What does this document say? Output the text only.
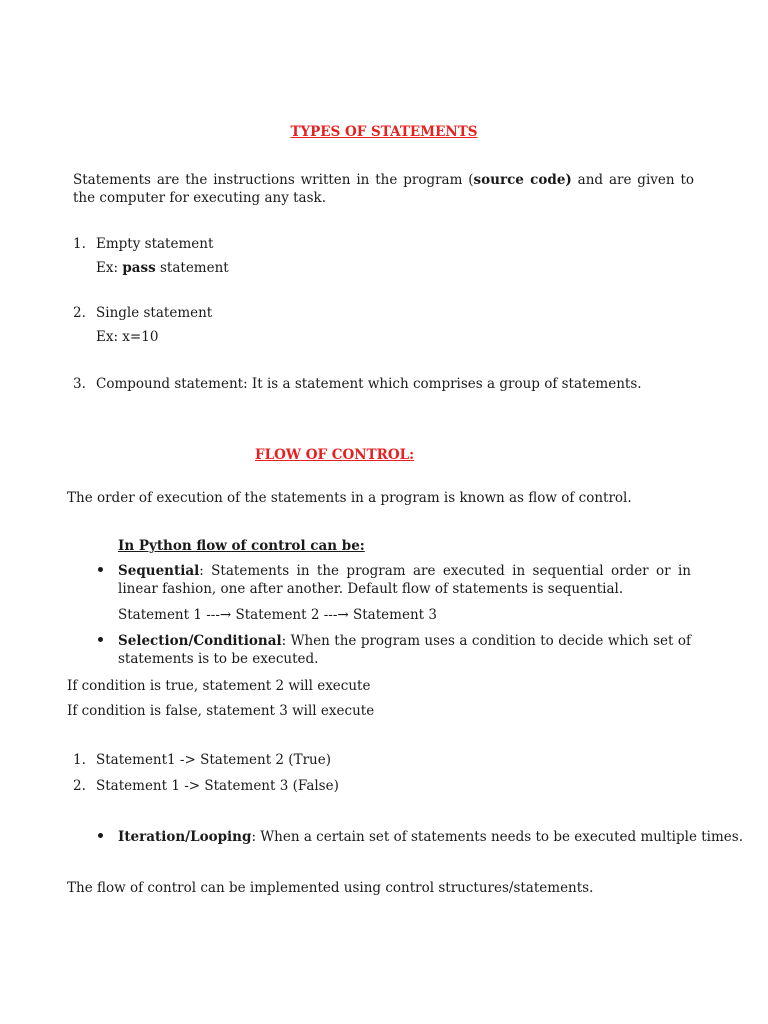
TYPES OF STATEMENTS
Statements are the instructions written in the program (source code) and are given to the computer for executing any task.
1. Empty statement
Ex: pass statement
2. Single statement
Ex: x=10
3. Compound statement: It is a statement which comprises a group of statements.
FLOW OF CONTROL:
The order of execution of the statements in a program is known as flow of control.
In Python flow of control can be:
Sequential: Statements in the program are executed in sequential order or in linear fashion, one after another. Default flow of statements is sequential.
Statement 1 ---→ Statement 2 ---→ Statement 3
Selection/Conditional: When the program uses a condition to decide which set of statements is to be executed.
If condition is true, statement 2 will execute
If condition is false, statement 3 will execute
1. Statement1 -> Statement 2 (True)
2. Statement 1 -> Statement 3 (False)
Iteration/Looping: When a certain set of statements needs to be executed multiple times.
The flow of control can be implemented using control structures/statements.
